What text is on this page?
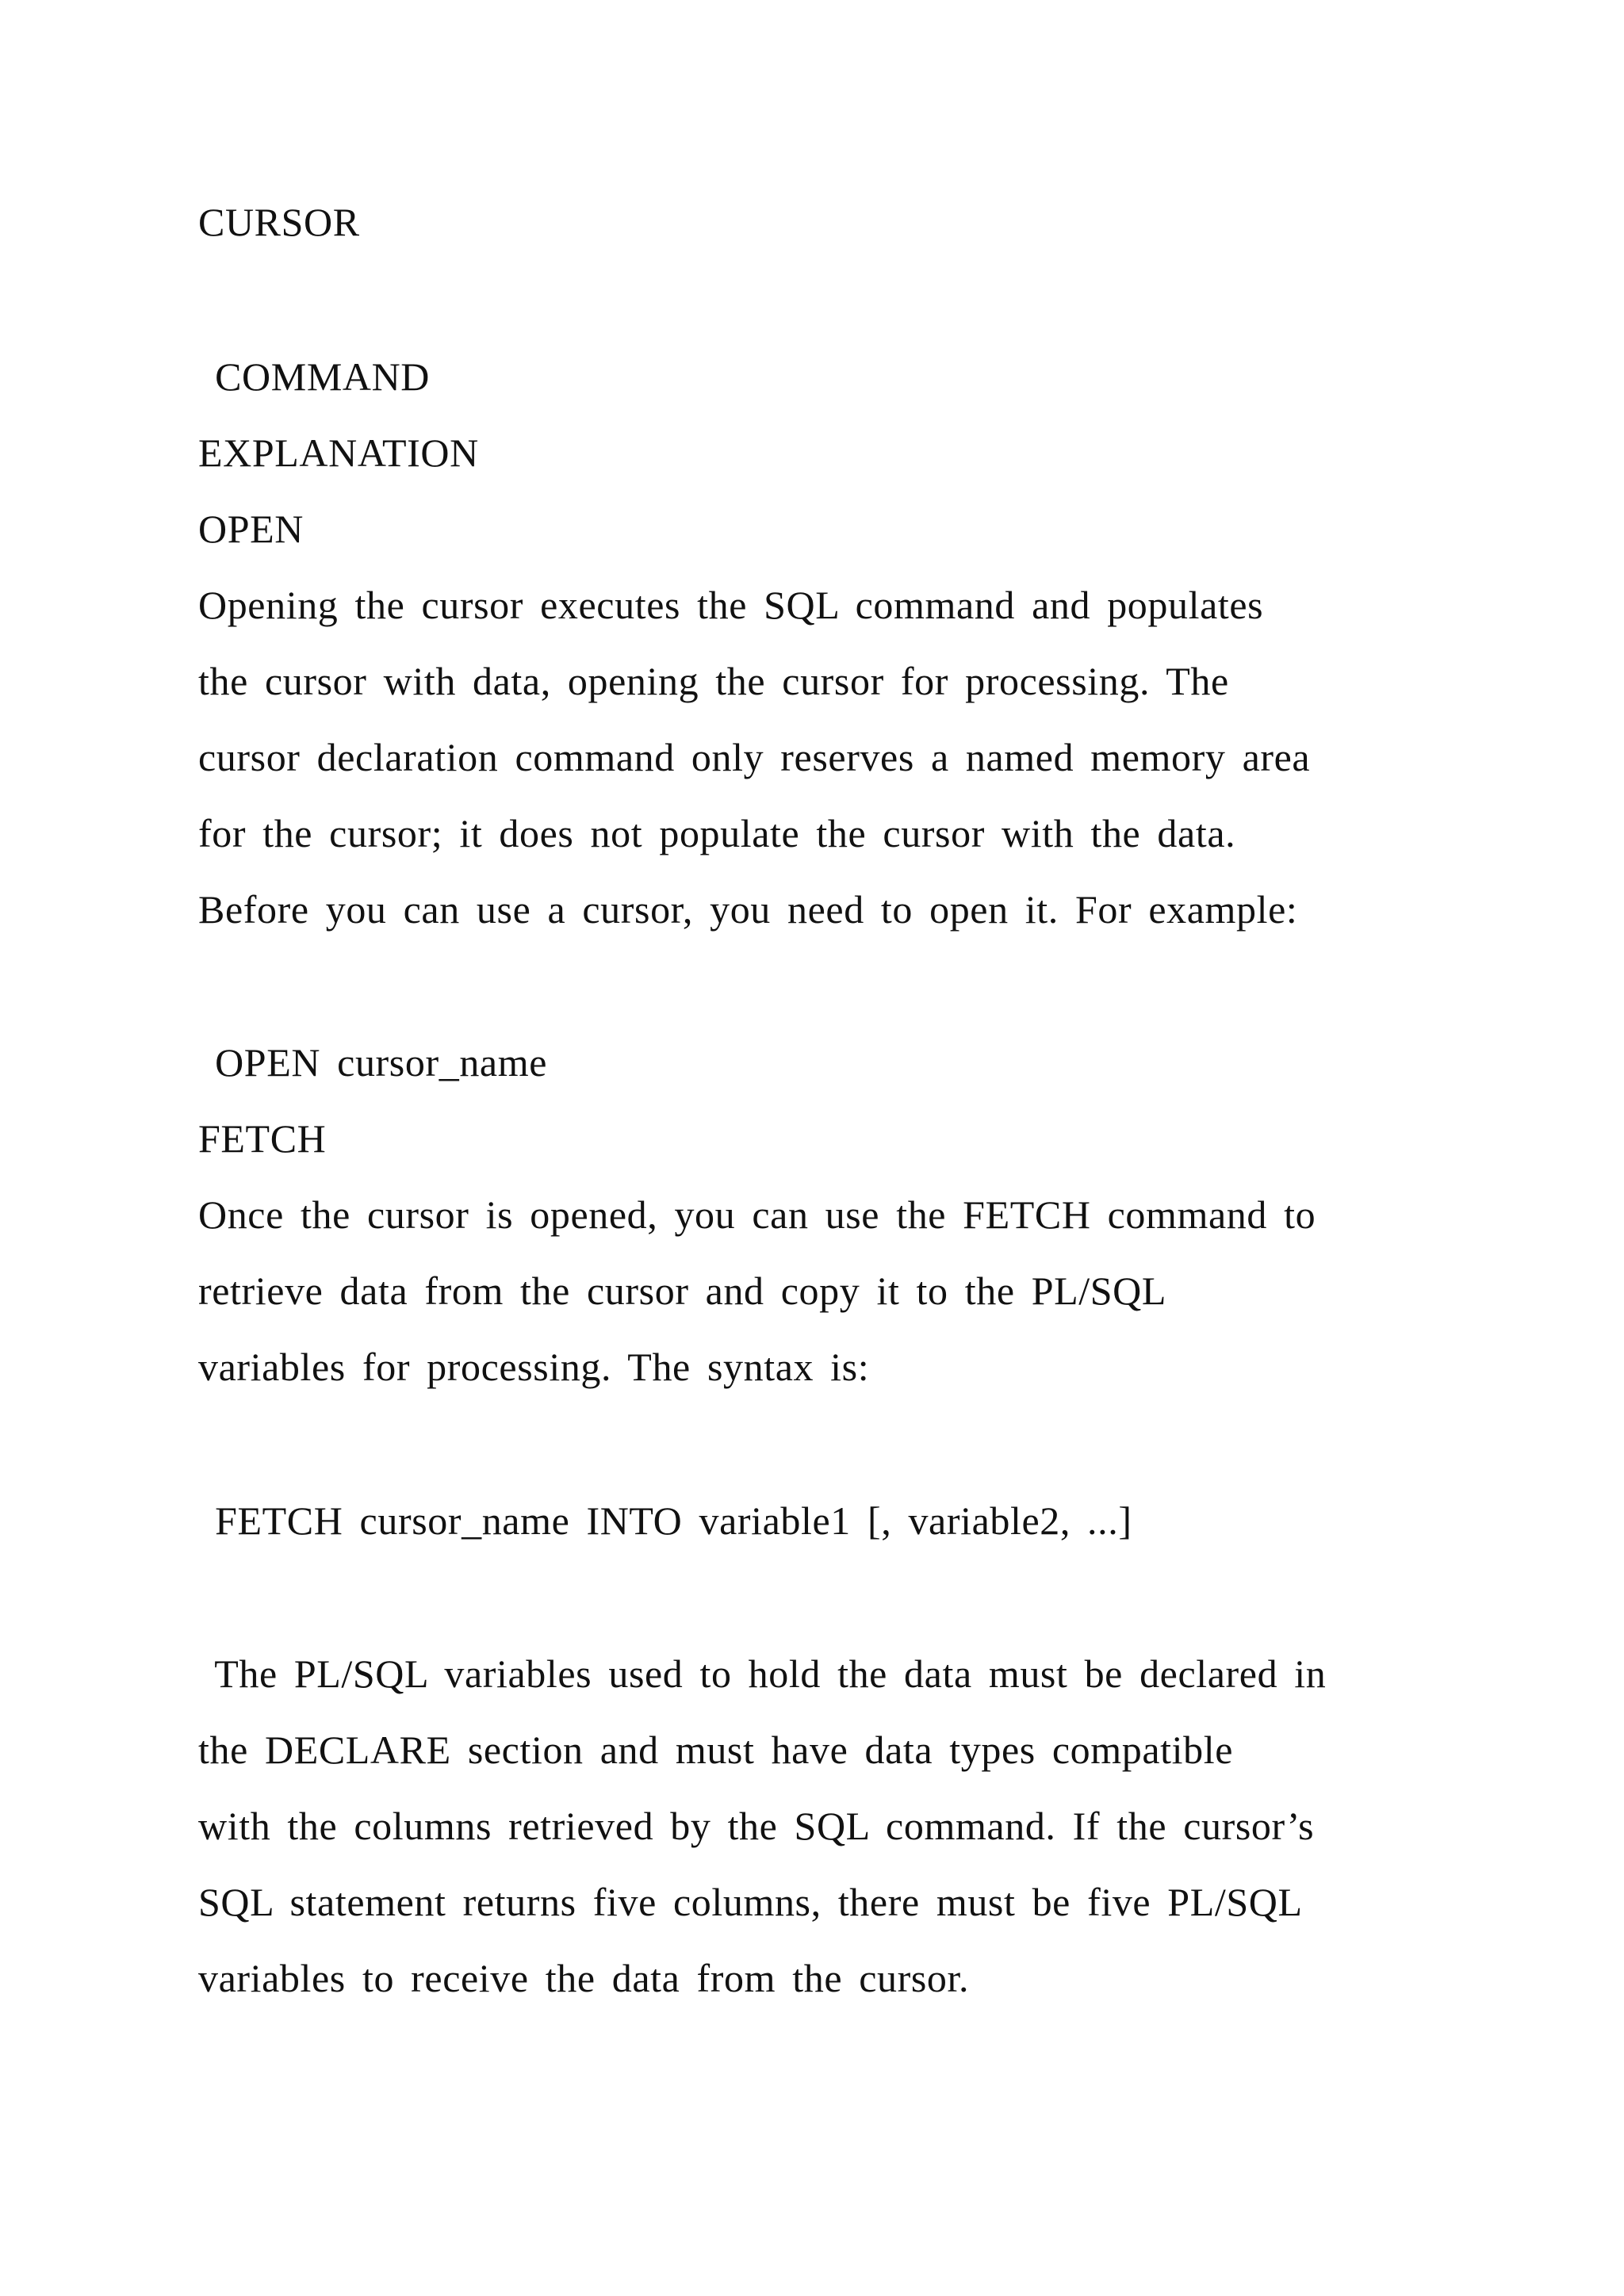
CURSOR
COMMAND
EXPLANATION
OPEN
Opening the cursor executes the SQL command and populates
the cursor with data, opening the cursor for processing. The
cursor declaration command only reserves a named memory area
for the cursor; it does not populate the cursor with the data.
Before you can use a cursor, you need to open it. For example:
OPEN cursor_name
FETCH
Once the cursor is opened, you can use the FETCH command to
retrieve data from the cursor and copy it to the PL/SQL
variables for processing. The syntax is:
FETCH cursor_name INTO variable1 [, variable2, ...]
The PL/SQL variables used to hold the data must be declared in
the DECLARE section and must have data types compatible
with the columns retrieved by the SQL command. If the cursor’s
SQL statement returns five columns, there must be five PL/SQL
variables to receive the data from the cursor.
